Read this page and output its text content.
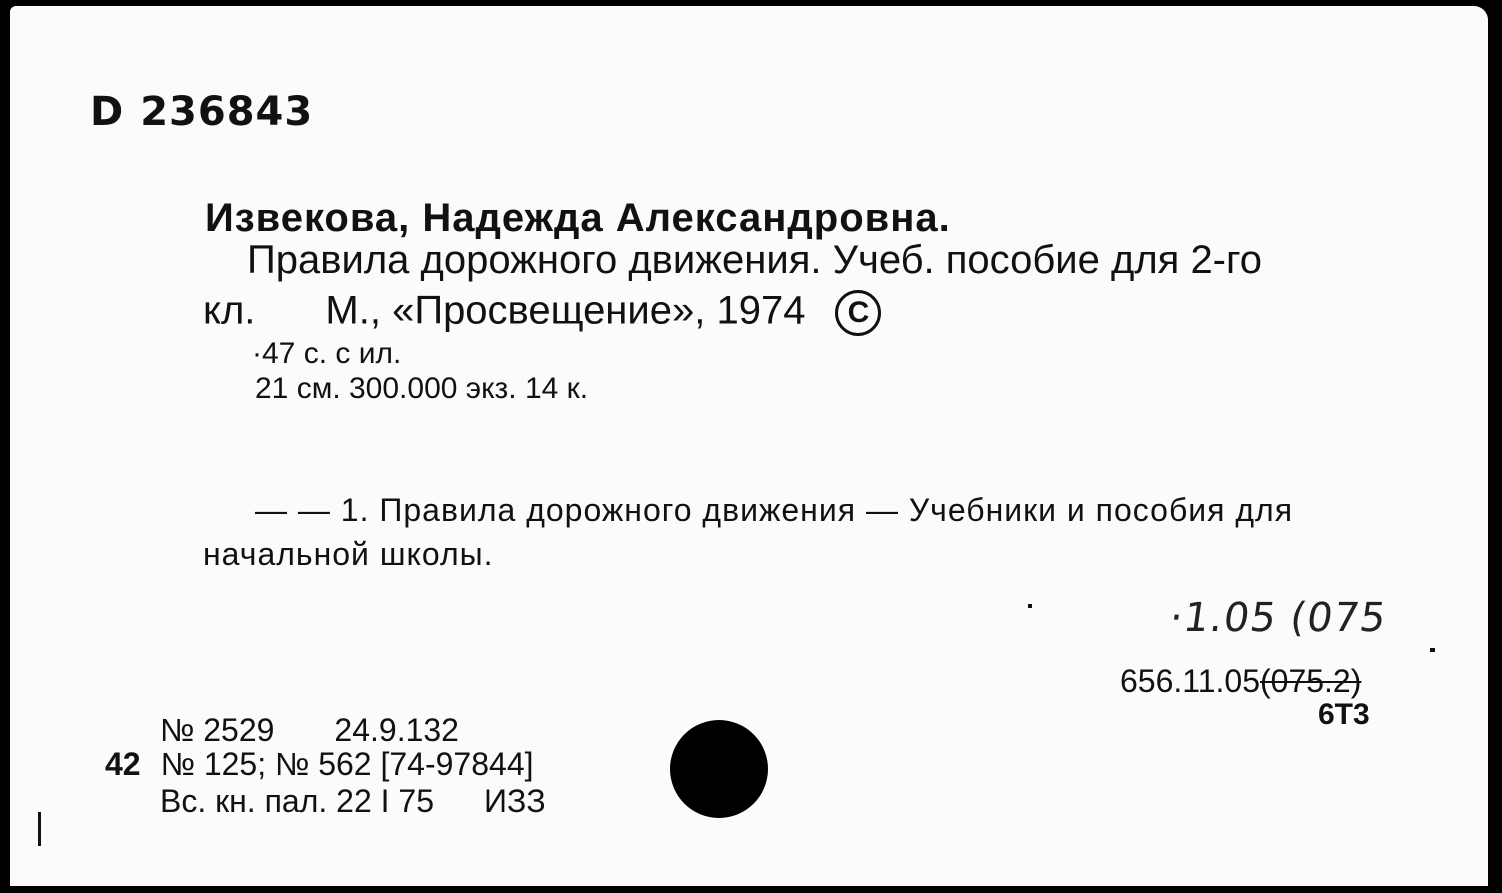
D 236843
Извекова, Надежда Александровна.
Правила дорожного движения. Учеб. пособие для 2-го
кл. М., «Просвещение», 1974 C
·47 с. с ил.
21 см. 300.000 экз. 14 к.
— — 1. Правила дорожного движения — Учебники и пособия для
начальной школы.
·1.05 (075
656.11.05(075.2)
6Т3
№ 2529 24.9.132
42 № 125; № 562 [74-97844]
Вс. кн. пал. 22 I 75 ИЗЗ
